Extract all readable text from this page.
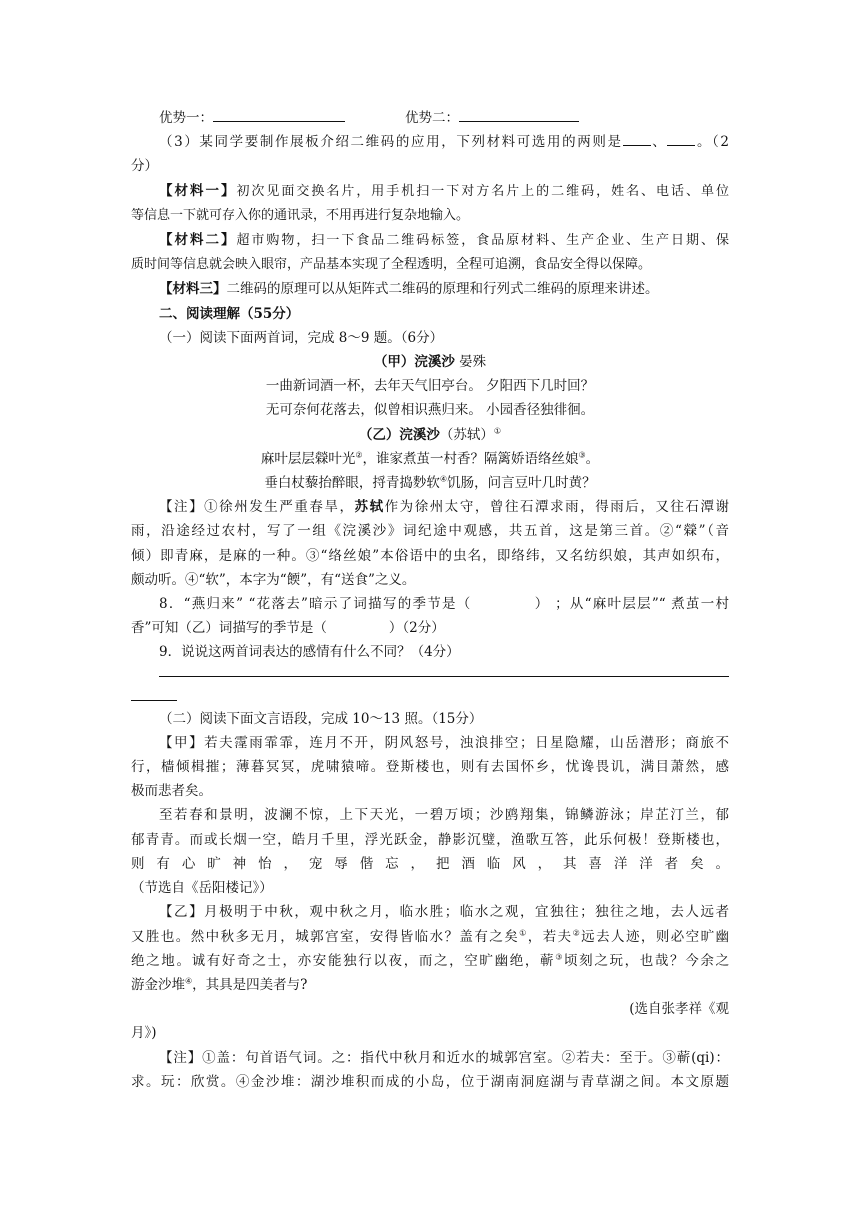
优势一：	优势二：

（3）某同学要制作展板介绍二维码的应用，下列材料可选用的两则是 、 。（2

分）

【材料一】初次见面交换名片，用手机扫一下对方名片上的二维码，姓名、电话、单位

等信息一下就可存入你的通讯录，不用再进行复杂地输入。

【材料二】超市购物，扫一下食品二维码标签，食品原材料、生产企业、生产日期、保

质时间等信息就会映入眼帘，产品基本实现了全程透明，全程可追溯，食品安全得以保障。

【材料三】二维码的原理可以从矩阵式二维码的原理和行列式二维码的原理来讲述。

二、阅读理解（55分）

（一）阅读下面两首词，完成 8～9 题。（6分）

（甲）浣溪沙 晏殊

一曲新词酒一杯，去年天气旧亭台。 夕阳西下几时回？

无可奈何花落去，似曾相识燕归来。 小园香径独徘徊。

（乙）浣溪沙（苏轼）①

麻叶层层檾叶光②，谁家煮茧一村香？隔篱娇语络丝娘③。

垂白杖藜抬醉眼，捋青捣麨软④饥肠，问言豆叶几时黄？

【注】①徐州发生严重春旱，苏轼作为徐州太守，曾往石潭求雨，得雨后，又往石潭谢

雨，沿途经过农村，写了一组《浣溪沙》词纪途中观感，共五首，这是第三首。②“檾”（音

倾）即青麻，是麻的一种。③“络丝娘”本俗语中的虫名，即络纬，又名纺织娘，其声如织布，

颇动听。④“软”，本字为“餪”，有“送食”之义。

8．“燕归来” “花落去”暗示了词描写的季节是（	） ；从“麻叶层层”“ 煮茧一村

香”可知（乙）词描写的季节是（	）（2分）

9．说说这两首词表达的感情有什么不同？（4分）

（二）阅读下面文言语段，完成 10～13 照。（15分）

【甲】若夫霪雨霏霏，连月不开，阴风怒号，浊浪排空；日星隐耀，山岳潜形；商旅不

行，樯倾楫摧；薄暮冥冥，虎啸猿啼。登斯楼也，则有去国怀乡，忧谗畏讥，满目萧然，感

极而悲者矣。

至若春和景明，波澜不惊，上下天光，一碧万顷；沙鸥翔集，锦鳞游泳；岸芷汀兰，郁

郁青青。而或长烟一空，皓月千里，浮光跃金，静影沉璧，渔歌互答，此乐何极！登斯楼也，

则有心旷神怡，宠辱偕忘，把酒临风，其喜洋洋者矣。

（节选自《岳阳楼记》）

【乙】月极明于中秋，观中秋之月，临水胜；临水之观，宜独往；独往之地，去人远者

又胜也。然中秋多无月，城郭宫室，安得皆临水？盖有之矣①，若夫②远去人迹，则必空旷幽

绝之地。诚有好奇之士，亦安能独行以夜，而之，空旷幽绝，蕲③顷刻之玩，也哉？今余之

游金沙堆④，其具是四美者与?

(选自张孝祥《观

月》)

【注】①盖：句首语气词。之：指代中秋月和近水的城郭宫室。②若夫：至于。③蕲(qi)：

求。玩：欣赏。④金沙堆：湖沙堆积而成的小岛，位于湖南洞庭湖与青草湖之间。本文原题
